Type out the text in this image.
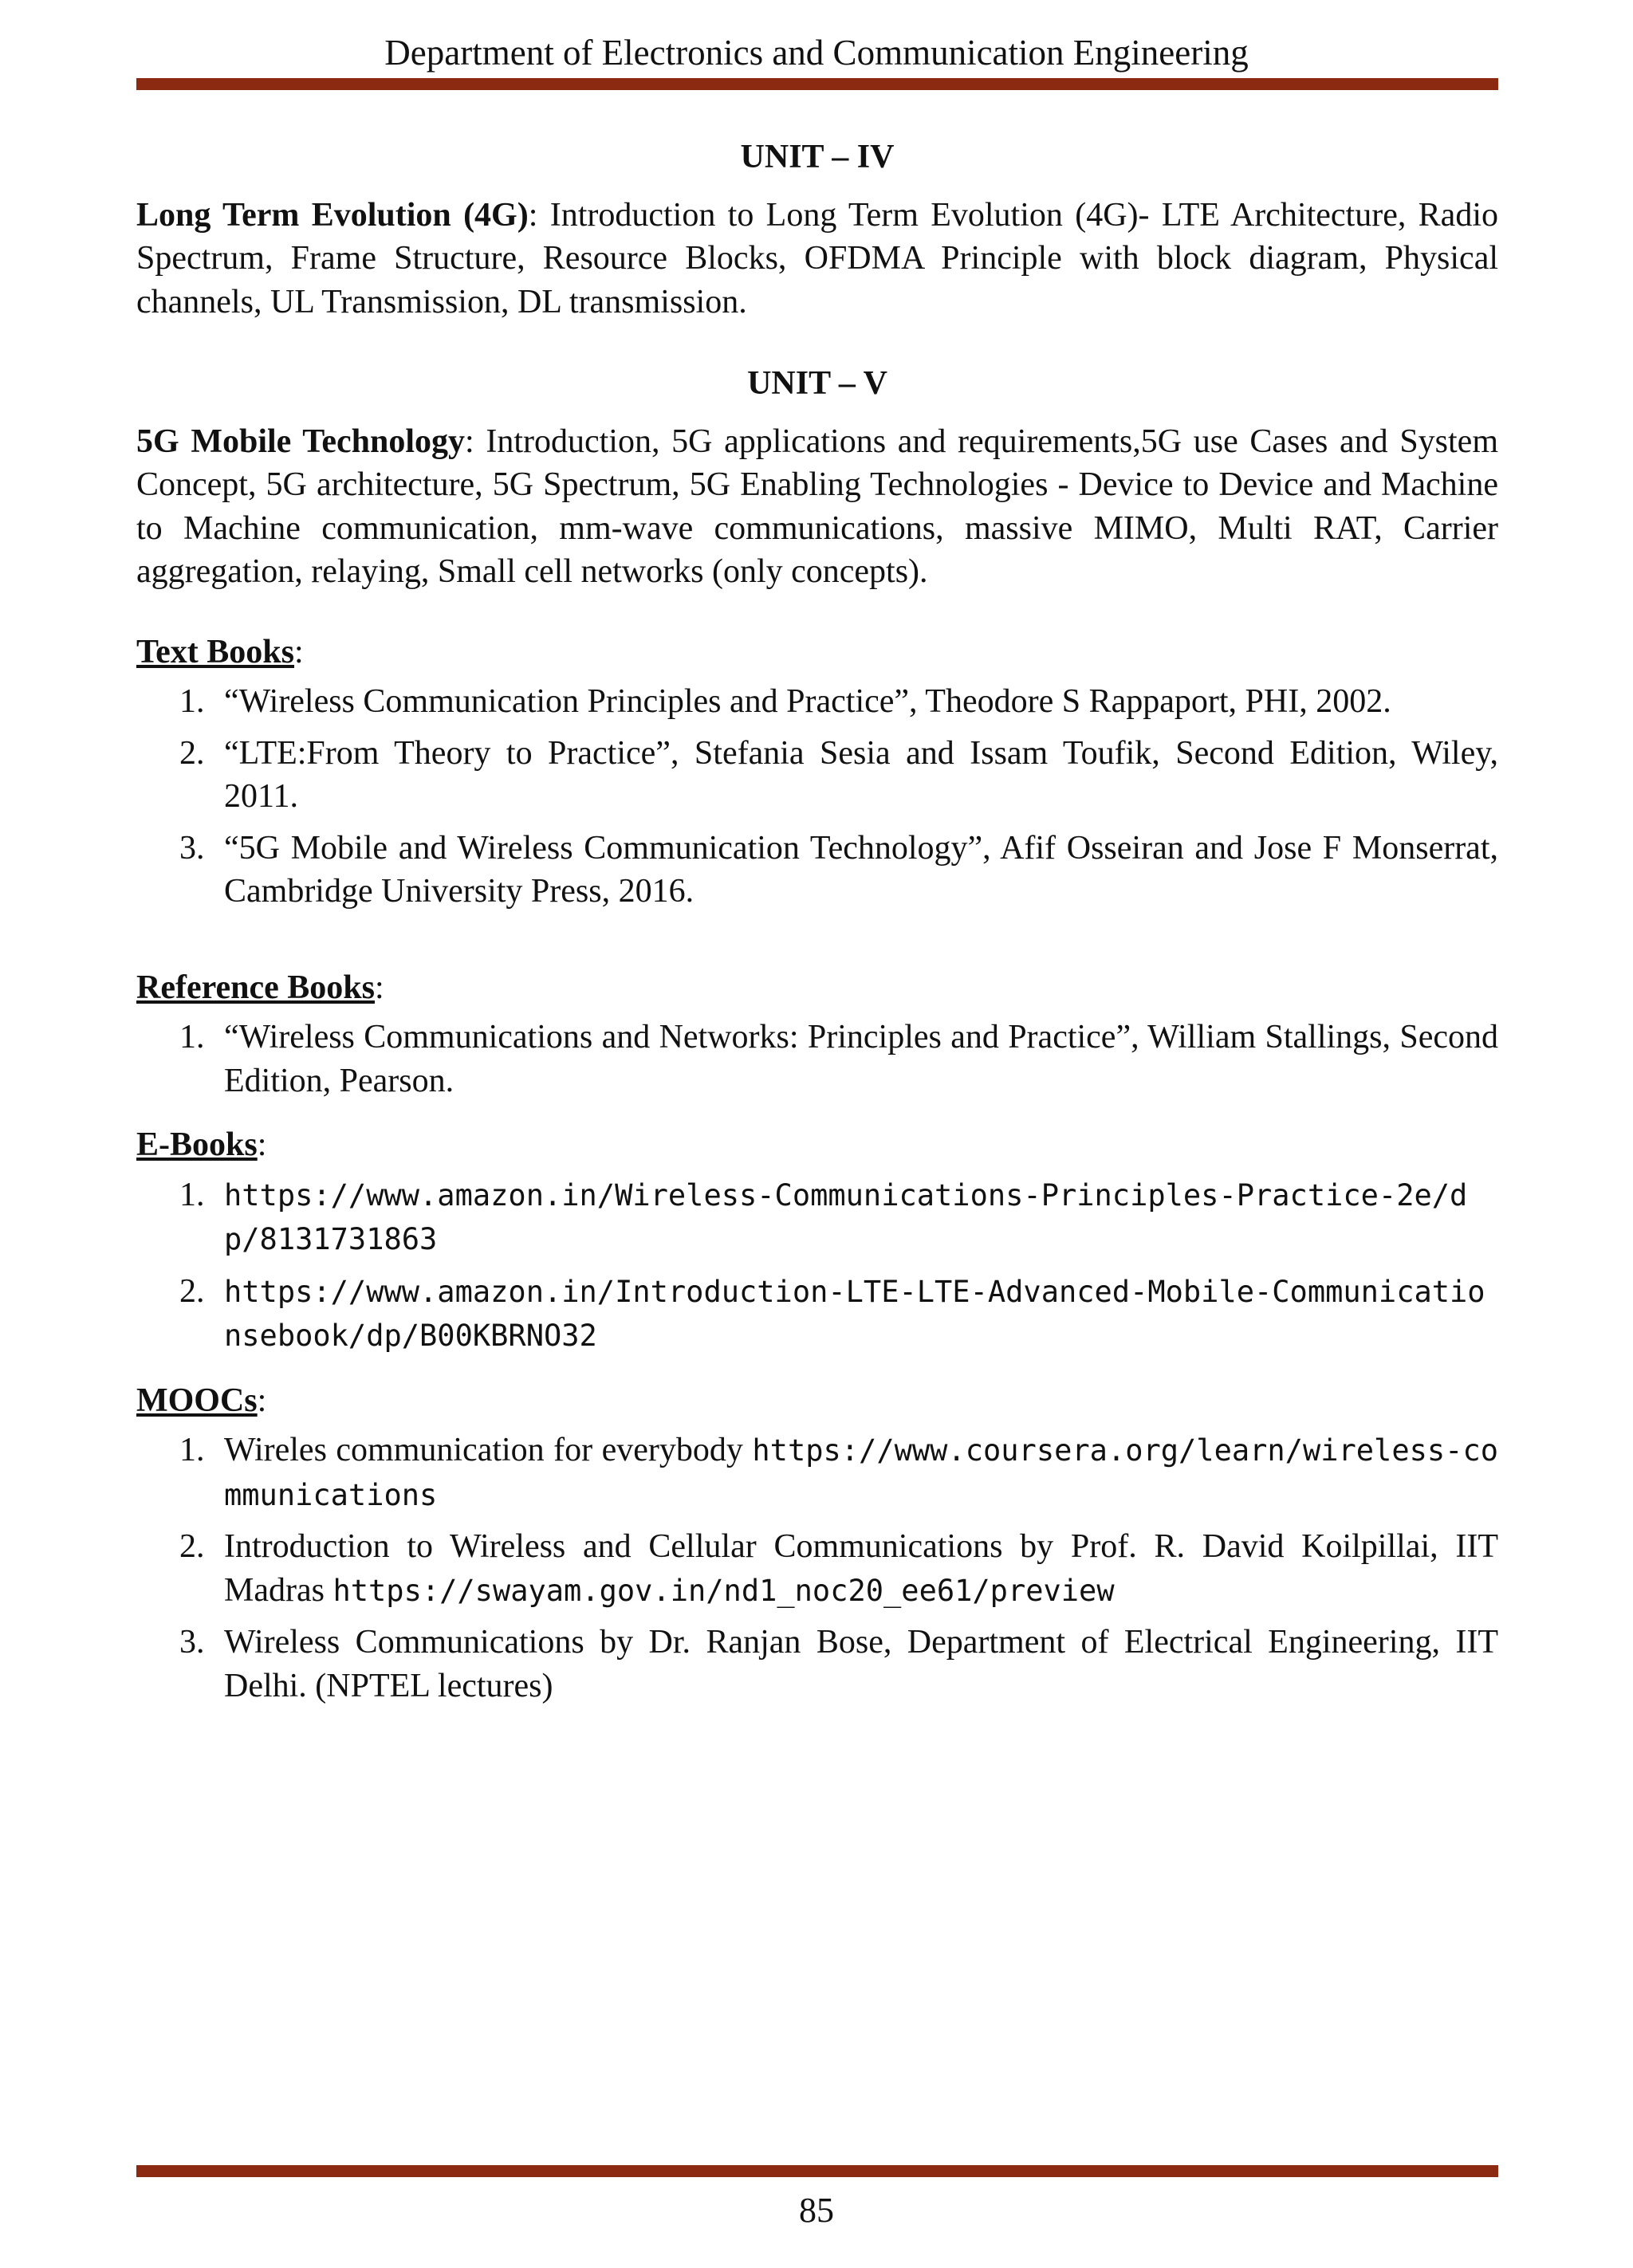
Department of Electronics and Communication Engineering
UNIT – IV

Long Term Evolution (4G): Introduction to Long Term Evolution (4G)- LTE Architecture, Radio Spectrum, Frame Structure, Resource Blocks, OFDMA Principle with block diagram, Physical channels, UL Transmission, DL transmission.

UNIT – V

5G Mobile Technology: Introduction, 5G applications and requirements,5G use Cases and System Concept, 5G architecture, 5G Spectrum, 5G Enabling Technologies - Device to Device and Machine to Machine communication, mm-wave communications, massive MIMO, Multi RAT, Carrier aggregation, relaying, Small cell networks (only concepts).

Text Books:

1. “Wireless Communication Principles and Practice”, Theodore S Rappaport, PHI, 2002.
2. “LTE:From Theory to Practice”, Stefania Sesia and Issam Toufik, Second Edition, Wiley, 2011.
3. “5G Mobile and Wireless Communication Technology”, Afif Osseiran and Jose F Monserrat, Cambridge University Press, 2016.

Reference Books:

1. “Wireless Communications and Networks: Principles and Practice”, William Stallings, Second Edition, Pearson.

E-Books:

1. https://www.amazon.in/Wireless-Communications-Principles-Practice-2e/dp/8131731863
2. https://www.amazon.in/Introduction-LTE-LTE-Advanced-Mobile-Communicationsebook/dp/B00KBRNO32

MOOCs:

1. Wireles communication for everybody https://www.coursera.org/learn/wireless-communications
2. Introduction to Wireless and Cellular Communications by Prof. R. David Koilpillai, IIT Madras https://swayam.gov.in/nd1_noc20_ee61/preview
3. Wireless Communications by Dr. Ranjan Bose, Department of Electrical Engineering, IIT Delhi. (NPTEL lectures)
85
